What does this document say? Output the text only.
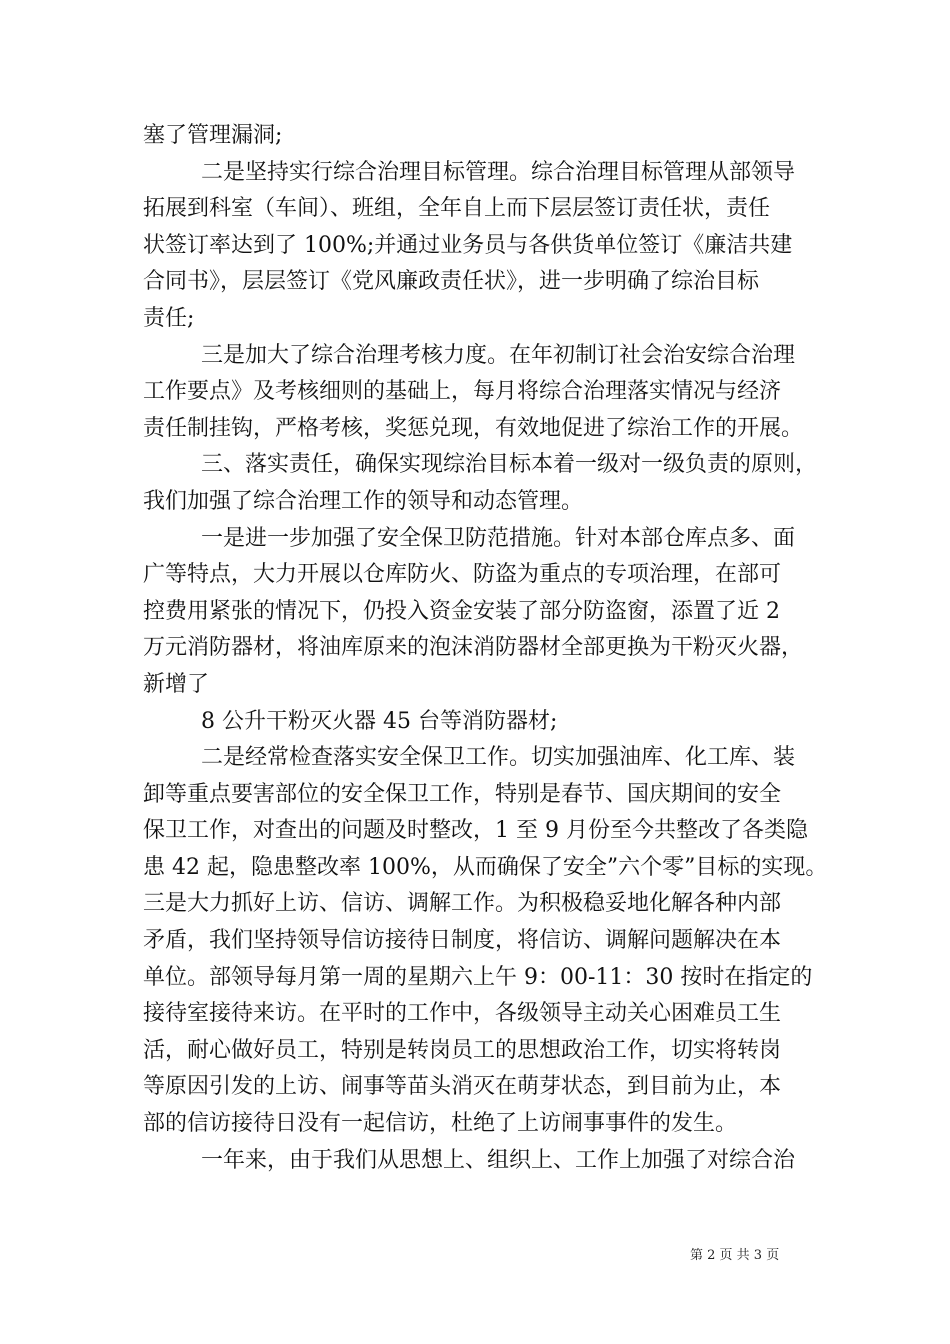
塞了管理漏洞;
二是坚持实行综合治理目标管理。综合治理目标管理从部领导
拓展到科室（车间）、班组，全年自上而下层层签订责任状，责任
状签订率达到了 100%;并通过业务员与各供货单位签订《廉洁共建
合同书》，层层签订《党风廉政责任状》，进一步明确了综治目标
责任;
三是加大了综合治理考核力度。在年初制订社会治安综合治理
工作要点》及考核细则的基础上，每月将综合治理落实情况与经济
责任制挂钩，严格考核，奖惩兑现，有效地促进了综治工作的开展。
三、落实责任，确保实现综治目标本着一级对一级负责的原则，
我们加强了综合治理工作的领导和动态管理。
一是进一步加强了安全保卫防范措施。针对本部仓库点多、面
广等特点，大力开展以仓库防火、防盗为重点的专项治理，在部可
控费用紧张的情况下，仍投入资金安装了部分防盗窗，添置了近 2
万元消防器材，将油库原来的泡沫消防器材全部更换为干粉灭火器，
新增了
8 公升干粉灭火器 45 台等消防器材;
二是经常检查落实安全保卫工作。切实加强油库、化工库、装
卸等重点要害部位的安全保卫工作，特别是春节、国庆期间的安全
保卫工作，对查出的问题及时整改，1 至 9 月份至今共整改了各类隐
患 42 起，隐患整改率 100%，从而确保了安全”六个零”目标的实现。
三是大力抓好上访、信访、调解工作。为积极稳妥地化解各种内部
矛盾，我们坚持领导信访接待日制度，将信访、调解问题解决在本
单位。部领导每月第一周的星期六上午 9：00-11：30 按时在指定的
接待室接待来访。在平时的工作中，各级领导主动关心困难员工生
活，耐心做好员工，特别是转岗员工的思想政治工作，切实将转岗
等原因引发的上访、闹事等苗头消灭在萌芽状态，到目前为止，本
部的信访接待日没有一起信访，杜绝了上访闹事事件的发生。
一年来，由于我们从思想上、组织上、工作上加强了对综合治
第 2 页 共 3 页
